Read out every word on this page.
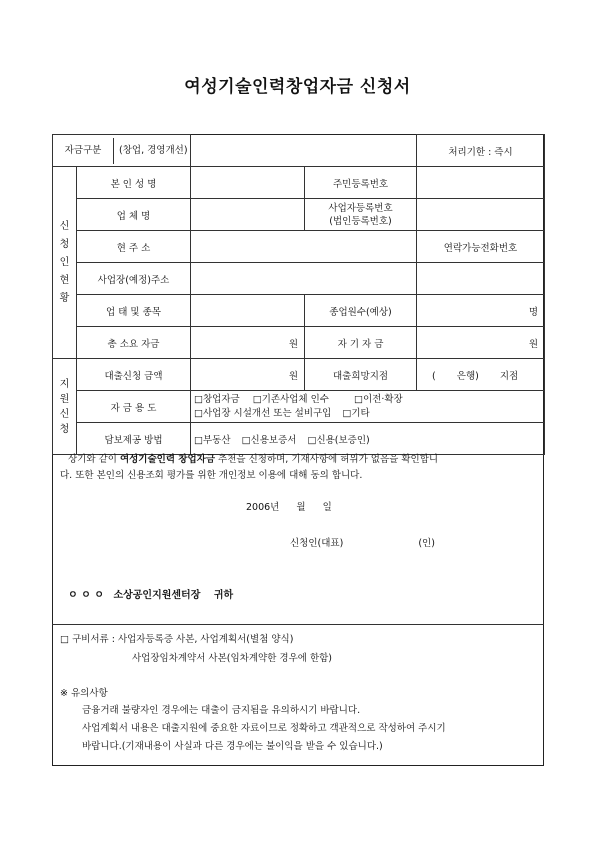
여성기술인력창업자금 신청서
자금구분 (창업, 경영개선)				처리기한 : 즉시

신
청
인
현
황	본 인 성 명		주민등록번호	
	업 체 명		사업자등록번호
(법인등록번호)	

	현 주 소			연락가능전화번호
	사업장(예정)주소			
	업 태 및 종목		종업원수(예상)	명
	총 소요 자금	원	자 기 자 금	원

지
원
신
청	대출신청 금액	원	대출희망지점	( 은행) 지점
	자 금 용 도	□창업자금 □기존사업체 인수 □이전·확장
□사업장 시설개선 또는 설비구입 □기타		

	담보제공 방법	□부동산 □신용보증서 □신용(보증인)		
상기와 같이 여성기술인력 창업자금 추천을 신청하며, 기재사항에 허위가 없음을 확인합니
다. 또한 본인의 신용조회 평가를 위한 개인정보 이용에 대해 동의 합니다.
2006년 월 일
신청인(대표)	(인)
ㅇ ㅇ ㅇ 소상공인지원센터장 귀하
□ 구비서류 : 사업자등록증 사본, 사업계획서(별첨 양식)
사업장임차계약서 사본(임차계약한 경우에 한함)
※ 유의사항
금융거래 불량자인 경우에는 대출이 금지됨을 유의하시기 바랍니다.
사업계획서 내용은 대출지원에 중요한 자료이므로 정확하고 객관적으로 작성하여 주시기
바랍니다.(기재내용이 사실과 다른 경우에는 불이익을 받을 수 있습니다.)
